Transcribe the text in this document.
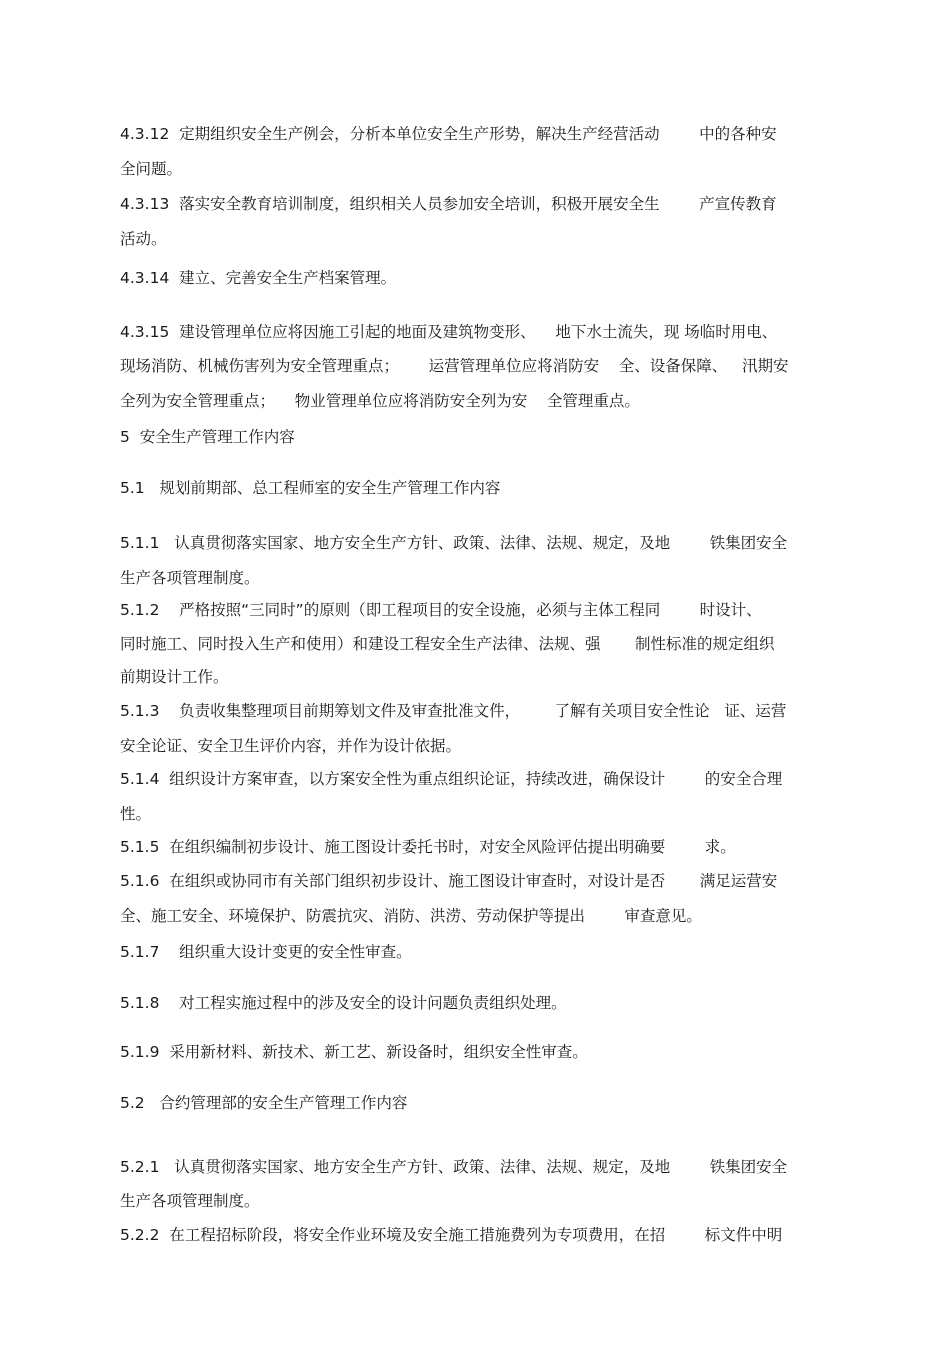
4.3.12  定期组织安全生产例会，分析本单位安全生产形势，解决生产经营活动        中的各种安
全问题。
4.3.13  落实安全教育培训制度，组织相关人员参加安全培训，积极开展安全生        产宣传教育
活动。
4.3.14  建立、完善安全生产档案管理。
4.3.15  建设管理单位应将因施工引起的地面及建筑物变形、    地下水土流失，现 场临时用电、
现场消防、机械伤害列为安全管理重点；      运营管理单位应将消防安    全、设备保障、   汛期安
全列为安全管理重点；    物业管理单位应将消防安全列为安    全管理重点。
5  安全生产管理工作内容
5.1   规划前期部、总工程师室的安全生产管理工作内容
5.1.1   认真贯彻落实国家、地方安全生产方针、政策、法律、法规、规定，及地        铁集团安全
生产各项管理制度。
5.1.2    严格按照“三同时”的原则（即工程项目的安全设施，必须与主体工程同        时设计、
同时施工、同时投入生产和使用）和建设工程安全生产法律、法规、强       制性标准的规定组织
前期设计工作。
5.1.3    负责收集整理项目前期筹划文件及审查批准文件，       了解有关项目安全性论   证、运营
安全论证、安全卫生评价内容，并作为设计依据。
5.1.4  组织设计方案审查，以方案安全性为重点组织论证，持续改进，确保设计        的安全合理
性。
5.1.5  在组织编制初步设计、施工图设计委托书时，对安全风险评估提出明确要        求。
5.1.6  在组织或协同市有关部门组织初步设计、施工图设计审查时，对设计是否       满足运营安
全、施工安全、环境保护、防震抗灾、消防、洪涝、劳动保护等提出        审查意见。
5.1.7    组织重大设计变更的安全性审查。
5.1.8    对工程实施过程中的涉及安全的设计问题负责组织处理。
5.1.9  采用新材料、新技术、新工艺、新设备时，组织安全性审查。
5.2   合约管理部的安全生产管理工作内容
5.2.1   认真贯彻落实国家、地方安全生产方针、政策、法律、法规、规定，及地        铁集团安全
生产各项管理制度。
5.2.2  在工程招标阶段，将安全作业环境及安全施工措施费列为专项费用，在招        标文件中明
